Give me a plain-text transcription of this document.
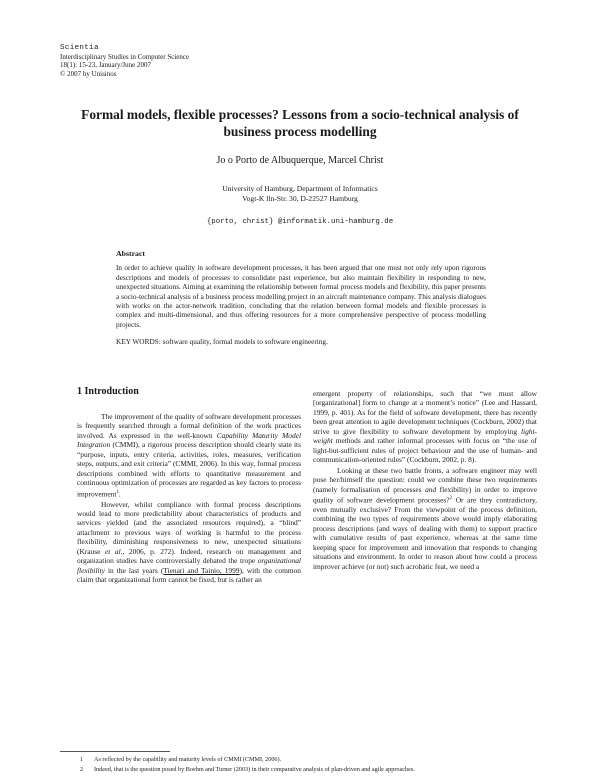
Scientia
Interdisciplinary Studies in Computer Science
18(1): 15-23, January/June 2007
© 2007 by Unisinos
Formal models, flexible processes? Lessons from a socio-technical analysis of business process modelling
Jo o Porto de Albuquerque, Marcel Christ
University of Hamburg, Department of Informatics
Vogt-K lln-Str. 30, D-22527 Hamburg
{porto, christ} @informatik.uni-hamburg.de
Abstract

In order to achieve quality in software development processes, it has been argued that one must not only rely upon rigorous descriptions and models of processes to consolidate past experience, but also maintain flexibility in responding to new, unexpected situations. Aiming at examining the relationship between formal process models and flexibility, this paper presents a socio-technical analysis of a business process modelling project in an aircraft maintenance company. This analysis dialogues with works on the actor-network tradition, concluding that the relation between formal models and flexible processes is complex and multi-dimensional, and thus offering resources for a more comprehensive perspective of process modelling projects.

KEY WORDS: software quality, formal models to software engineering.

1 Introduction

The improvement of the quality of software development processes is frequently searched through a formal definition of the work practices involved. As expressed in the well-known Capability Maturity Model Integration (CMMI), a rigorous process description should clearly state its “purpose, inputs, entry criteria, activities, roles, measures, verification steps, outputs, and exit criteria” (CMMI, 2006). In this way, formal process descriptions combined with efforts to quantitative measurement and continuous optimization of processes are regarded as key factors to process improvement$^1$.

However, whilst compliance with formal process descriptions would lead to more predictability about characteristics of products and services yielded (and the associated resources required), a “blind” attachment to previous ways of working is harmful to the process flexibility, diminishing responsiveness to new, unexpected situations (Krause et al., 2006, p. 272). Indeed, research on management and organization studies have controversially debated the trope organizational flexibility in the last years (Tienari and Tainio, 1999), with the common claim that organizational form cannot be fixed, but is rather an

emergent property of relationships, such that “we must allow [organizational] form to change at a moment’s notice” (Lee and Hassard, 1999, p. 401). As for the field of software development, there has recently been great attention to agile development techniques (Cockburn, 2002) that strive to give flexibility to software development by employing light-weight methods and rather informal processes with focus on “the use of light-but-sufficient rules of project behaviour and the use of human- and communication-oriented rules” (Cockburn, 2002, p. 8).

Looking at these two battle fronts, a software engineer may well pose her/himself the question: could we combine these two requirements (namely formalisation of processes and flexibility) in order to improve quality of software development processes?$^2$ Or are they contradictory, even mutually exclusive? From the viewpoint of the process definition, combining the two types of requirements above would imply elaborating process descriptions (and ways of dealing with them) to support practice with cumulative results of past experience, whereas at the same time keeping space for improvement and innovation that responds to changing situations and environment. In order to reason about how could a process improver achieve (or not) such acrobatic feat, we need a

1 As reflected by the capability and maturity levels of CMMI (CMMI, 2006).
2 Indeed, that is the question posed by Boehm and Turner (2003) in their comparative analysis of plan-driven and agile approaches.
